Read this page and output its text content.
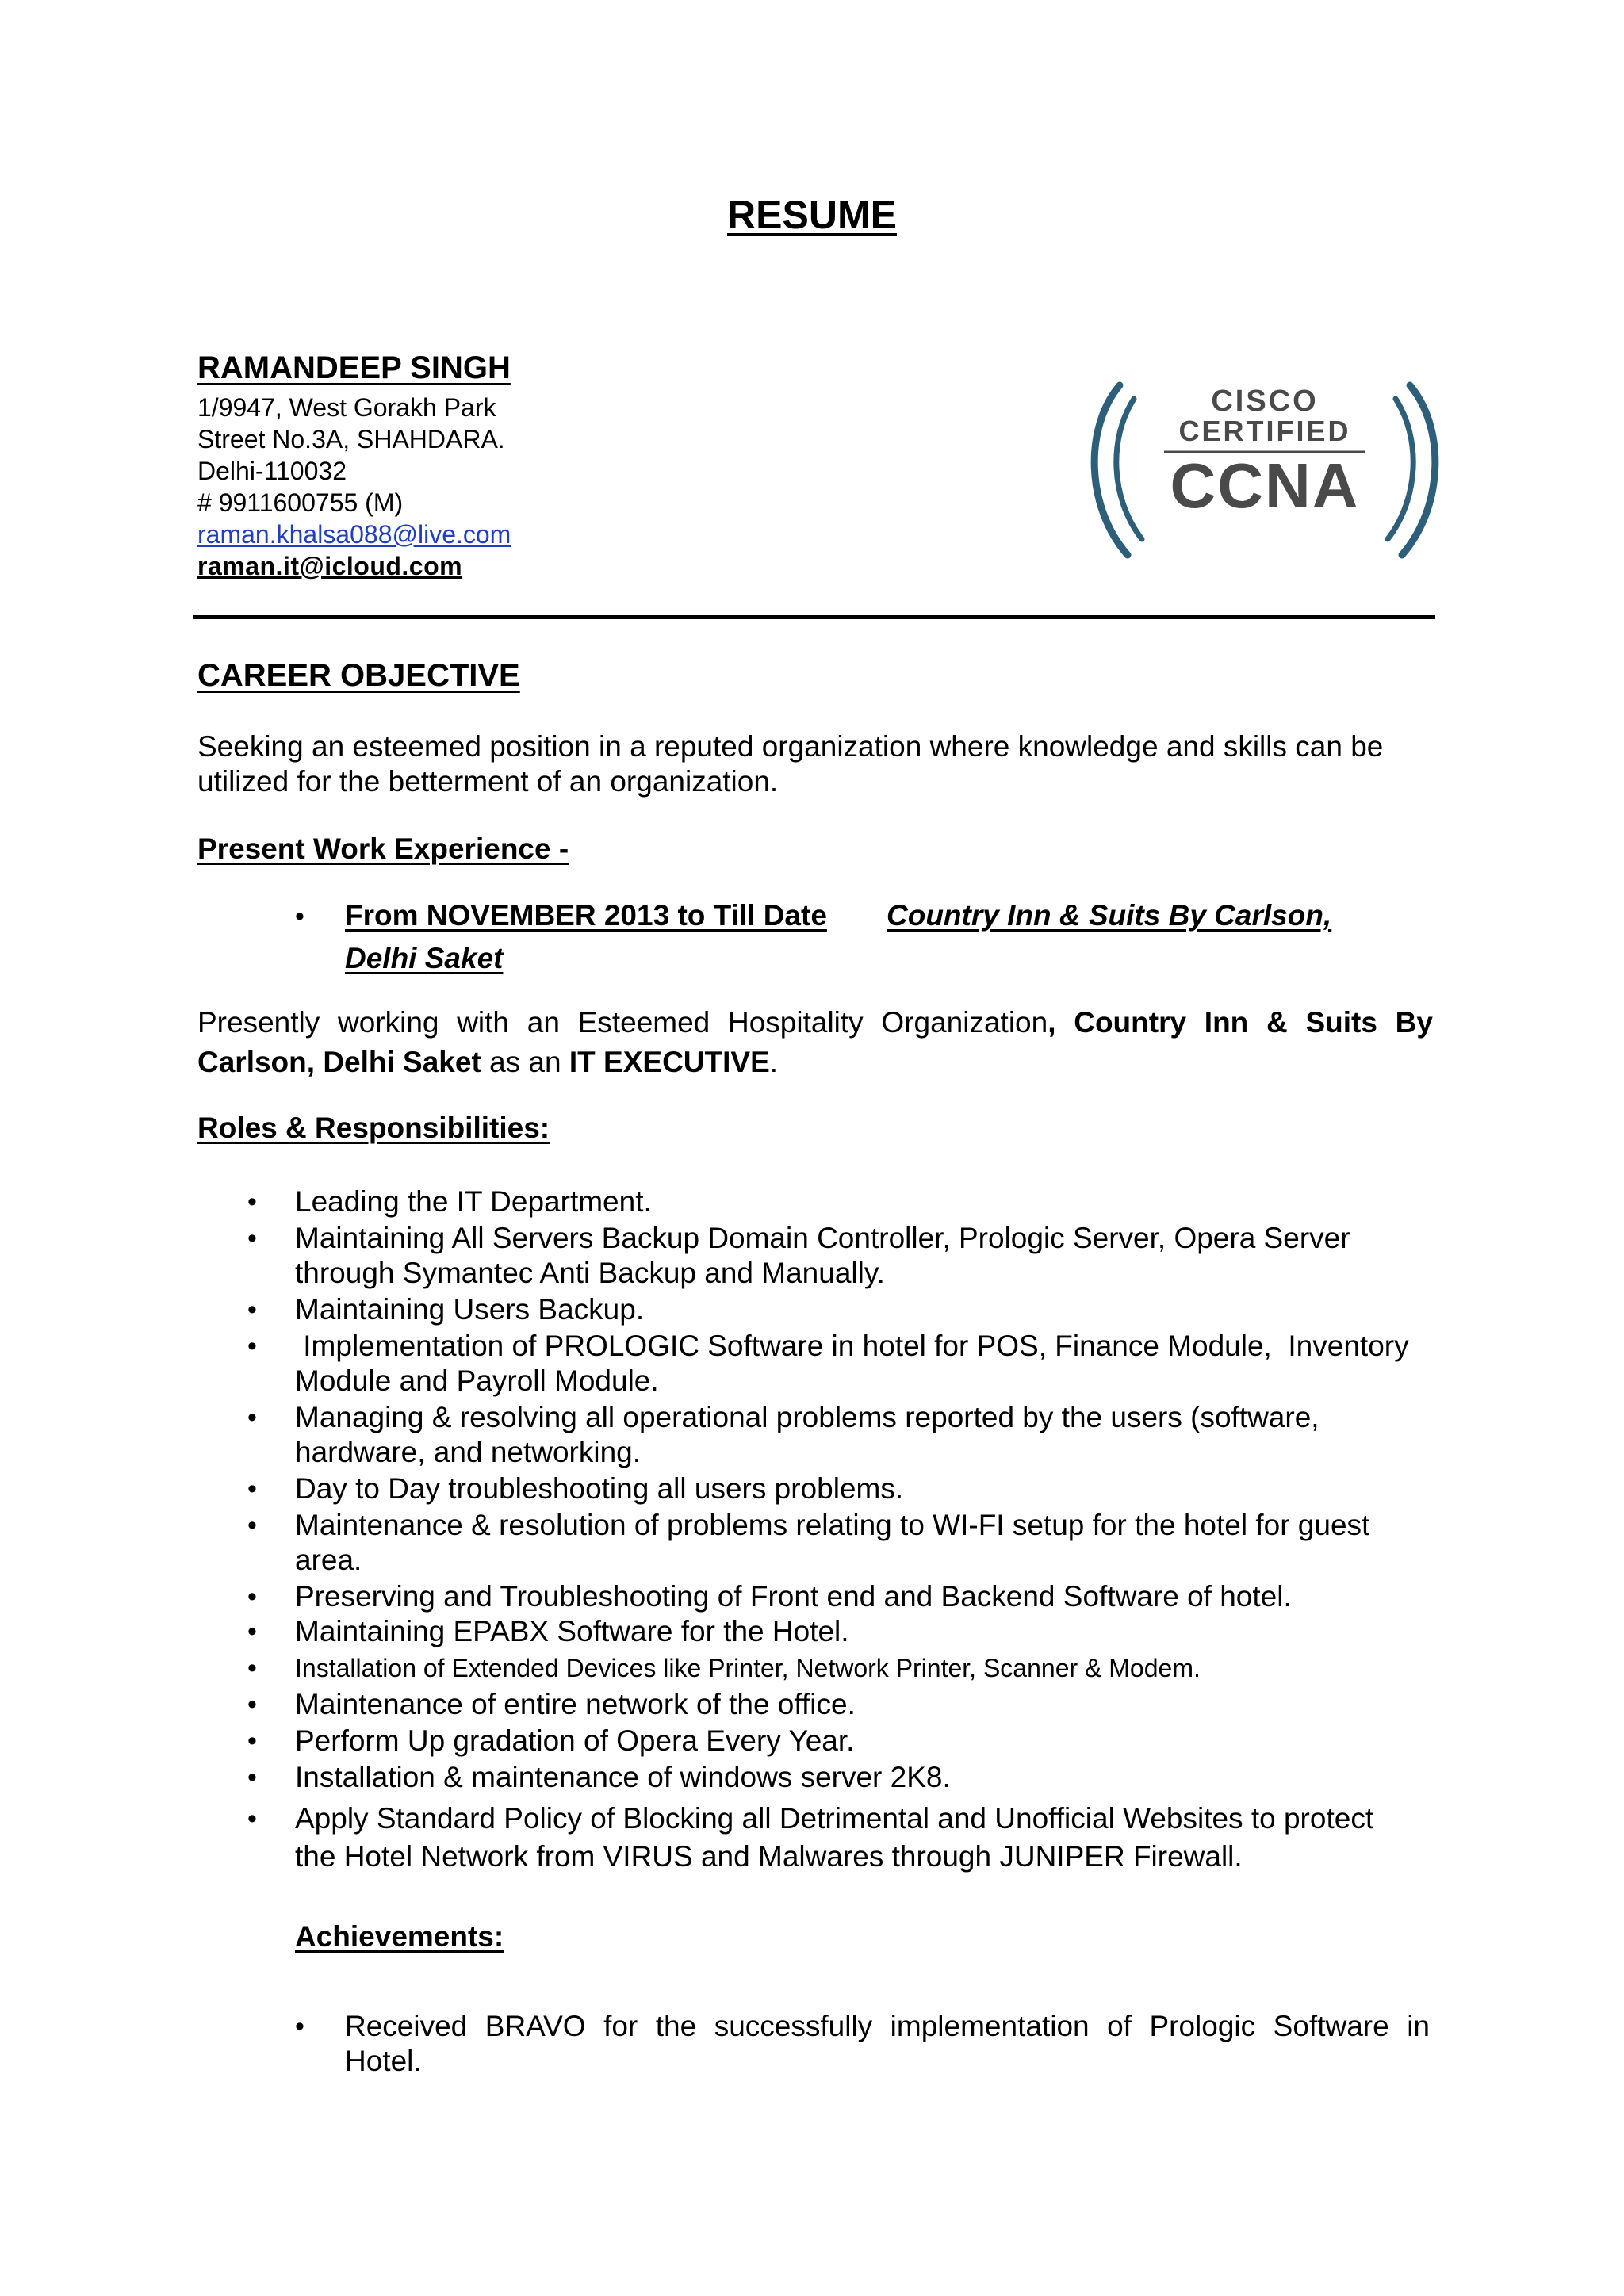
RESUME
RAMANDEEP SINGH
1/9947, West Gorakh Park
Street No.3A, SHAHDARA.
Delhi-110032
# 9911600755 (M)
raman.khalsa088@live.com
raman.it@icloud.com
CISCO
CERTIFIED
CCNA
CAREER OBJECTIVE
Seeking an esteemed position in a reputed organization where knowledge and skills can be
utilized for the betterment of an organization.
Present Work Experience -
• From NOVEMBER 2013 to Till Date Country Inn & Suits By Carlson,
Delhi Saket
Presently working with an Esteemed Hospitality Organization, Country Inn & Suits By
Carlson, Delhi Saket as an IT EXECUTIVE.
Roles & Responsibilities:
• Leading the IT Department.
• Maintaining All Servers Backup Domain Controller, Prologic Server, Opera Server
through Symantec Anti Backup and Manually.
• Maintaining Users Backup.
• Implementation of PROLOGIC Software in hotel for POS, Finance Module,  Inventory
Module and Payroll Module.
• Managing & resolving all operational problems reported by the users (software,
hardware, and networking.
• Day to Day troubleshooting all users problems.
• Maintenance & resolution of problems relating to WI-FI setup for the hotel for guest
area.
• Preserving and Troubleshooting of Front end and Backend Software of hotel.
• Maintaining EPABX Software for the Hotel.
• Installation of Extended Devices like Printer, Network Printer, Scanner & Modem.
• Maintenance of entire network of the office.
• Perform Up gradation of Opera Every Year.
• Installation & maintenance of windows server 2K8.
• Apply Standard Policy of Blocking all Detrimental and Unofficial Websites to protect
the Hotel Network from VIRUS and Malwares through JUNIPER Firewall.
Achievements:
• Received BRAVO for the successfully implementation of Prologic Software in
Hotel.
